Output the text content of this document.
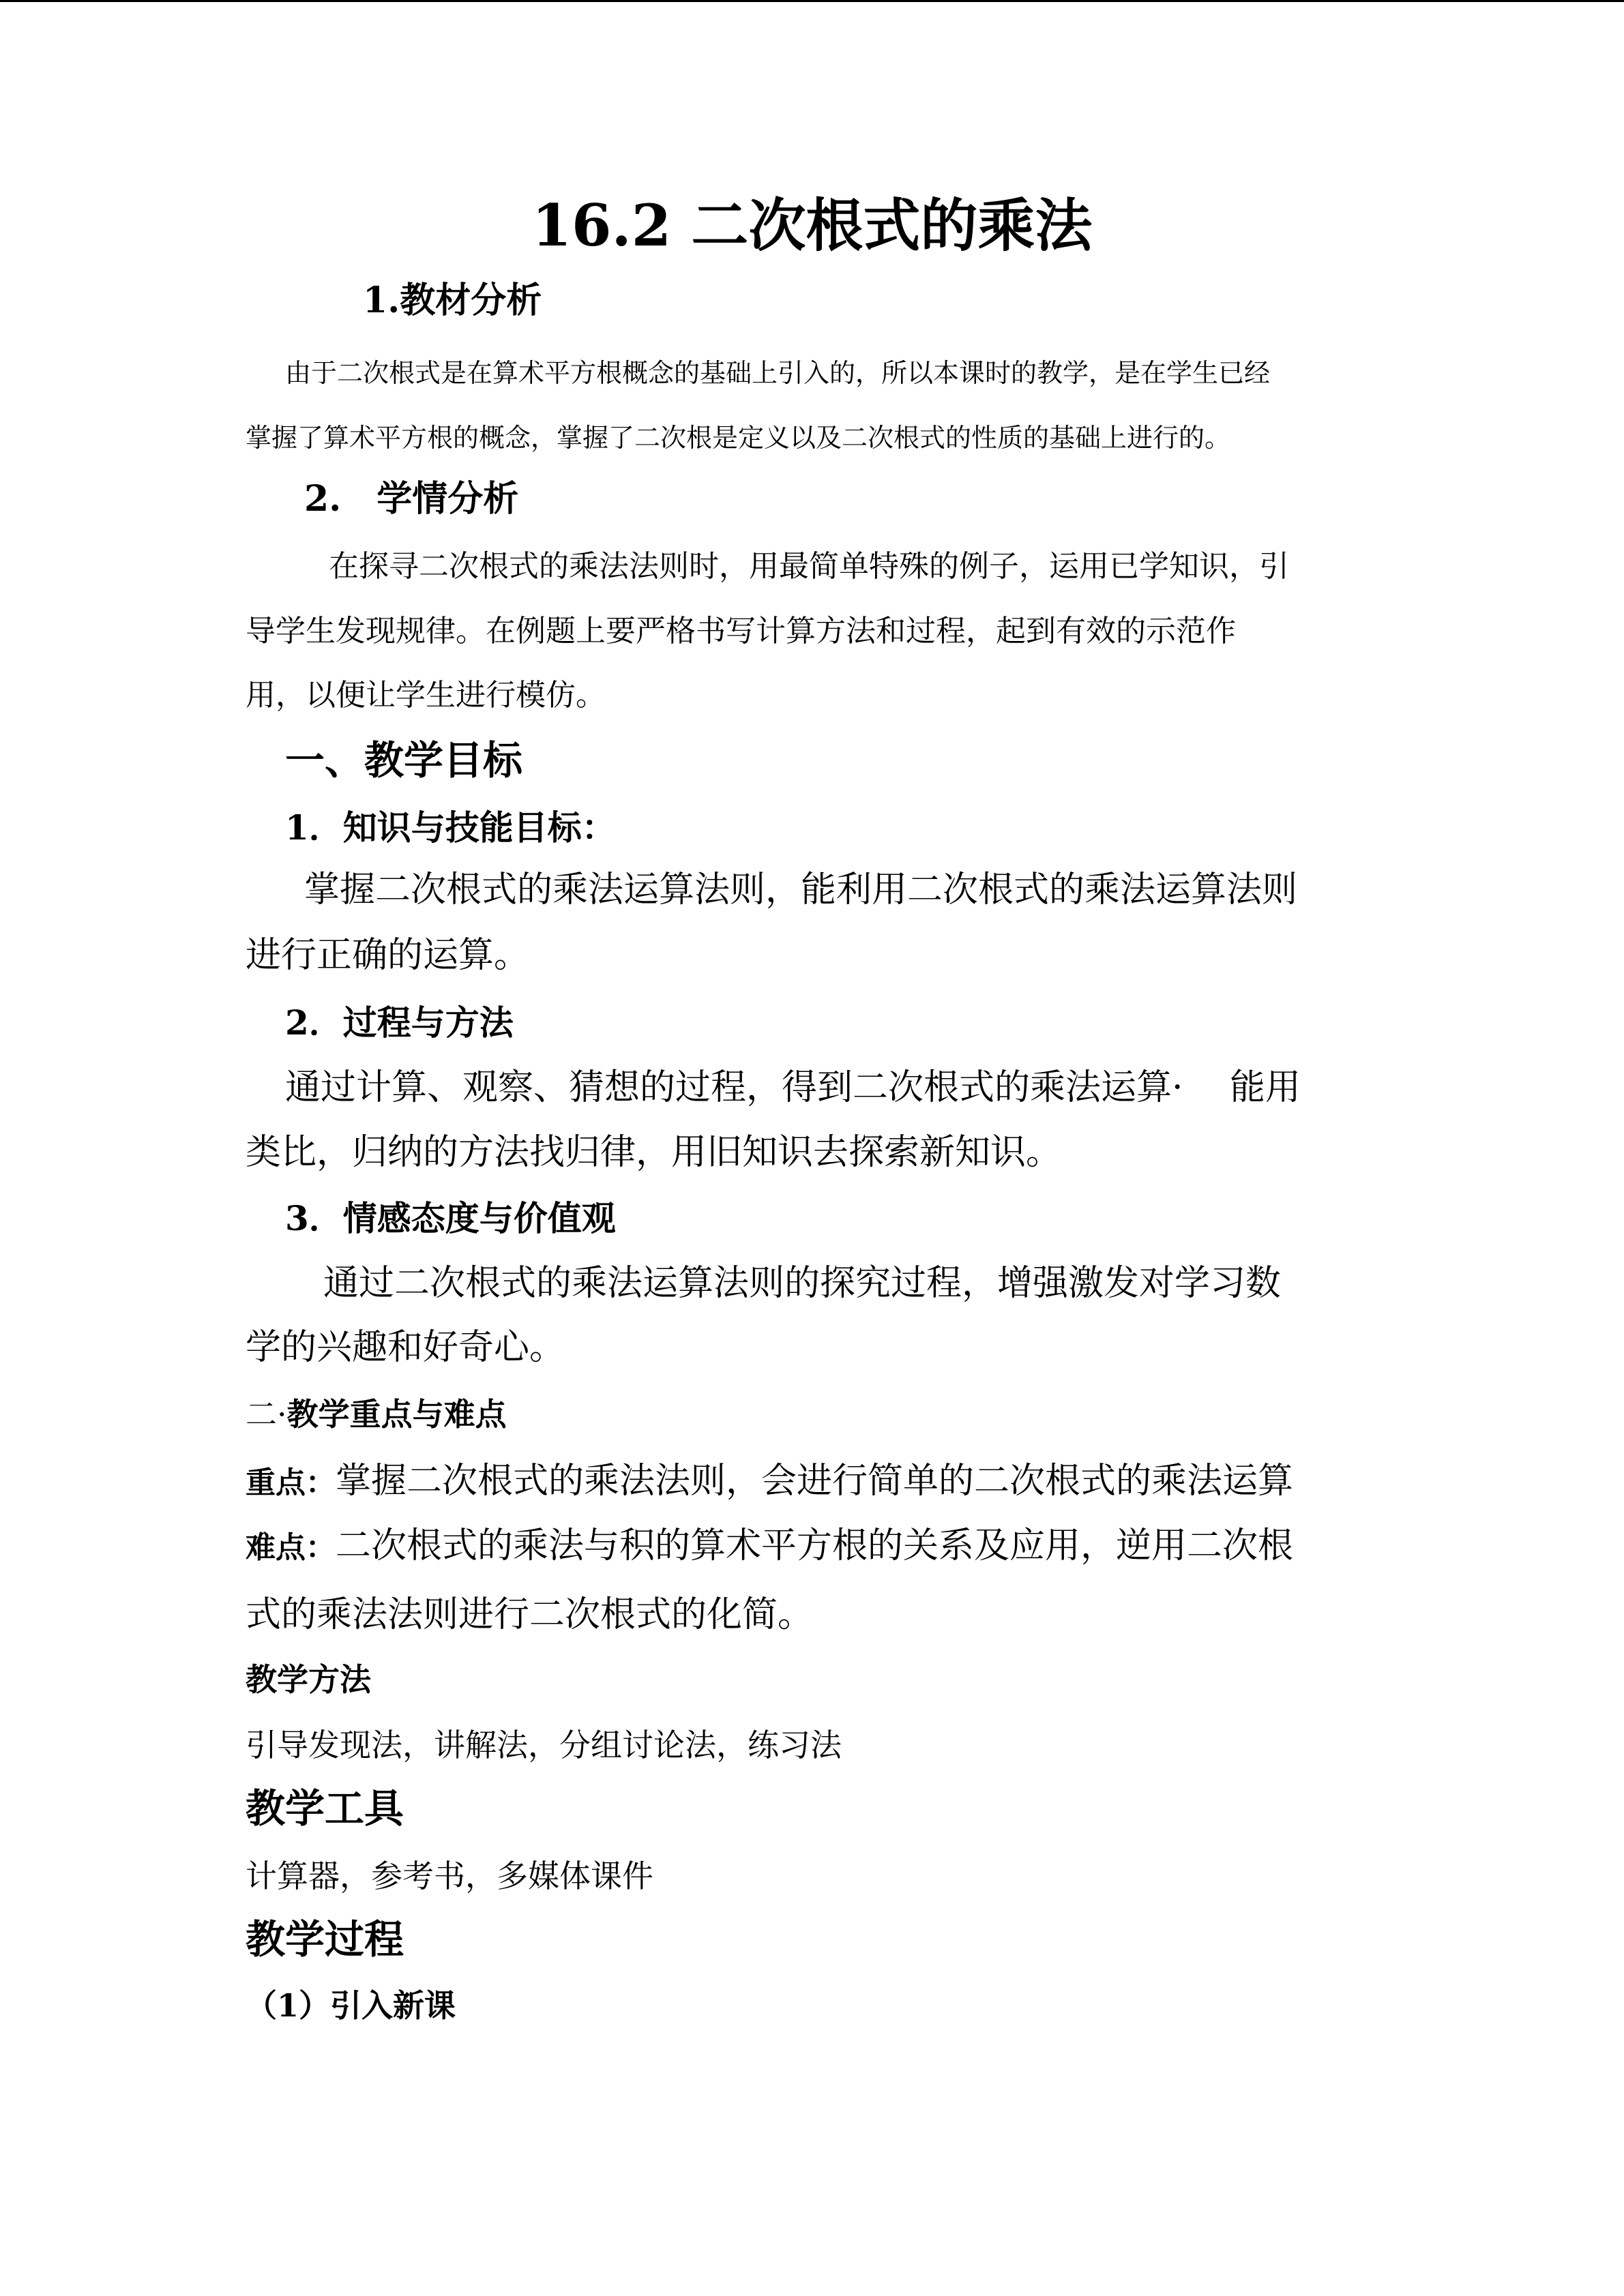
16.2 二次根式的乘法
1.教材分析
由于二次根式是在算术平方根概念的基础上引入的，所以本课时的教学，是在学生已经
掌握了算术平方根的概念，掌握了二次根是定义以及二次根式的性质的基础上进行的。
2.　学情分析
在探寻二次根式的乘法法则时，用最简单特殊的例子，运用已学知识，引
导学生发现规律。在例题上要严格书写计算方法和过程，起到有效的示范作
用，以便让学生进行模仿。
一、教学目标
1．知识与技能目标：
掌握二次根式的乘法运算法则，能利用二次根式的乘法运算法则
进行正确的运算。
2．过程与方法
通过计算、观察、猜想的过程，得到二次根式的乘法运算·　 能用
类比，归纳的方法找归律，用旧知识去探索新知识。
3．情感态度与价值观
通过二次根式的乘法运算法则的探究过程，增强激发对学习数
学的兴趣和好奇心。
二·教学重点与难点
重点：掌握二次根式的乘法法则，会进行简单的二次根式的乘法运算
难点：二次根式的乘法与积的算术平方根的关系及应用，逆用二次根
式的乘法法则进行二次根式的化简。
教学方法
引导发现法，讲解法，分组讨论法，练习法
教学工具
计算器，参考书，多媒体课件
教学过程
（1）引入新课
